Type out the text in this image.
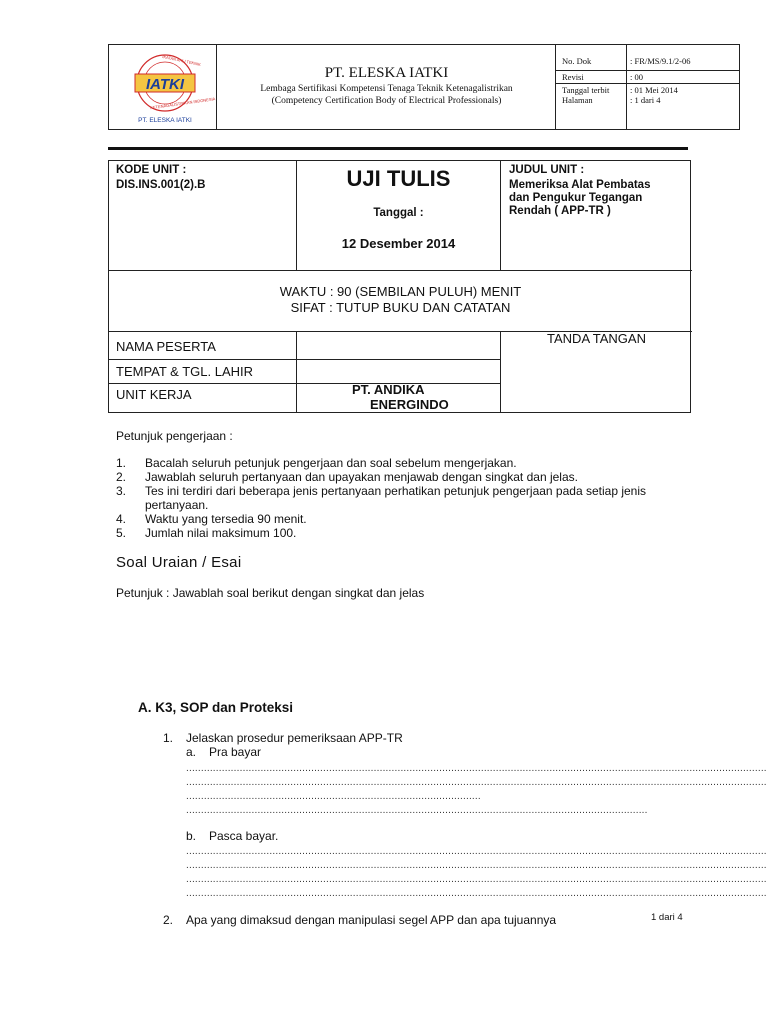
IATKI
IKATAN AHLI TEKNIK
KETENAGALISTRIKAN INDONESIA
PT. ELESKA IATKI
PT. ELESKA IATKI
Lembaga Sertifikasi Kompetensi Tenaga Teknik Ketenagalistrikan
(Competency Certification Body of Electrical Professionals)
No. Dok	: FR/MS/9.1/2-06
Revisi	: 00
Tanggal terbit : 01 Mei 2014
Halaman	: 1 dari 4
KODE UNIT :
DIS.INS.001(2).B	UJI TULIS
Tanggal :
12 Desember 2014
JUDUL UNIT :
Memeriksa Alat Pembatas
dan Pengukur Tegangan
Rendah ( APP-TR )
WAKTU : 90 (SEMBILAN PULUH) MENIT
SIFAT : TUTUP BUKU DAN CATATAN
NAMA PESERTA
TEMPAT & TGL. LAHIR
UNIT KERJA	PT. ANDIKA
ENERGINDO
TANDA TANGAN
Petunjuk pengerjaan :
1. Bacalah seluruh petunjuk pengerjaan dan soal sebelum mengerjakan.
2. Jawablah seluruh pertanyaan dan upayakan menjawab dengan singkat dan jelas.
3. Tes ini terdiri dari beberapa jenis pertanyaan perhatikan petunjuk pengerjaan pada setiap jenis
pertanyaan.
4. Waktu yang tersedia 90 menit.
5. Jumlah nilai maksimum 100.
Soal Uraian / Esai
Petunjuk : Jawablah soal berikut dengan singkat dan jelas
A. K3, SOP dan Proteksi
1. Jelaskan prosedur pemeriksaan APP-TR
a. Pra bayar
...................................................................................................................................................................................................
...................................................................................................................................................................................................
...................................................................................................
...........................................................................................................................................................
b. Pasca bayar.
...................................................................................................................................................................................................
...................................................................................................................................................................................................
...................................................................................................................................................................................................
...................................................................................................................................................................................................
2. Apa yang dimaksud dengan manipulasi segel APP dan apa tujuannya	1 dari 4
